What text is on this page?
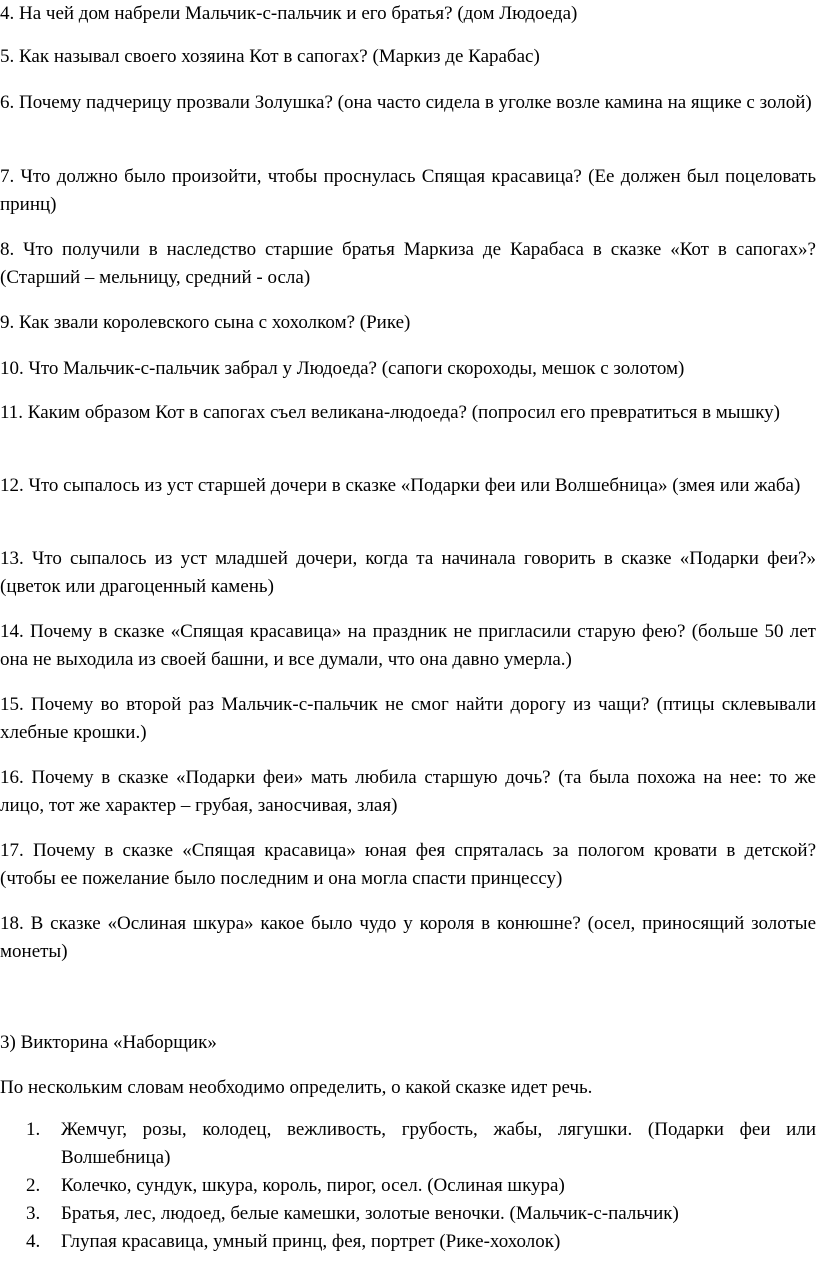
4. На чей дом набрели Мальчик-с-пальчик и его братья? (дом Людоеда)

5. Как называл своего хозяина Кот в сапогах? (Маркиз де Карабас)

6. Почему падчерицу прозвали Золушка? (она часто сидела в уголке возле камина на ящике с золой)

7. Что должно было произойти, чтобы проснулась Спящая красавица? (Ее должен был поцеловать принц)

8. Что получили в наследство старшие братья Маркиза де Карабаса в сказке «Кот в сапогах»? (Старший – мельницу, средний - осла)

9. Как звали королевского сына с хохолком? (Рике)

10. Что Мальчик-с-пальчик забрал у Людоеда? (сапоги скороходы, мешок с золотом)

11. Каким образом Кот в сапогах съел великана-людоеда? (попросил его превратиться в мышку)

12. Что сыпалось из уст старшей дочери в сказке «Подарки феи или Волшебница» (змея или жаба)

13. Что сыпалось из уст младшей дочери, когда та начинала говорить в сказке «Подарки феи?» (цветок или драгоценный камень)

14. Почему в сказке «Спящая красавица» на праздник не пригласили старую фею? (больше 50 лет она не выходила из своей башни, и все думали, что она давно умерла.)

15. Почему во второй раз Мальчик-с-пальчик не смог найти дорогу из чащи? (птицы склевывали хлебные крошки.)

16. Почему в сказке «Подарки феи» мать любила старшую дочь? (та была похожа на нее: то же лицо, тот же характер – грубая, заносчивая, злая)

17. Почему в сказке «Спящая красавица» юная фея спряталась за пологом кровати в детской? (чтобы ее пожелание было последним и она могла спасти принцессу)

18. В сказке «Ослиная шкура» какое было чудо у короля в конюшне? (осел, приносящий золотые монеты)

3) Викторина «Наборщик»

По нескольким словам необходимо определить, о какой сказке идет речь.

1. Жемчуг, розы, колодец, вежливость, грубость, жабы, лягушки. (Подарки феи или Волшебница)
2. Колечко, сундук, шкура, король, пирог, осел. (Ослиная шкура)
3. Братья, лес, людоед, белые камешки, золотые веночки. (Мальчик-с-пальчик)
4. Глупая красавица, умный принц, фея, портрет (Рике-хохолок)
